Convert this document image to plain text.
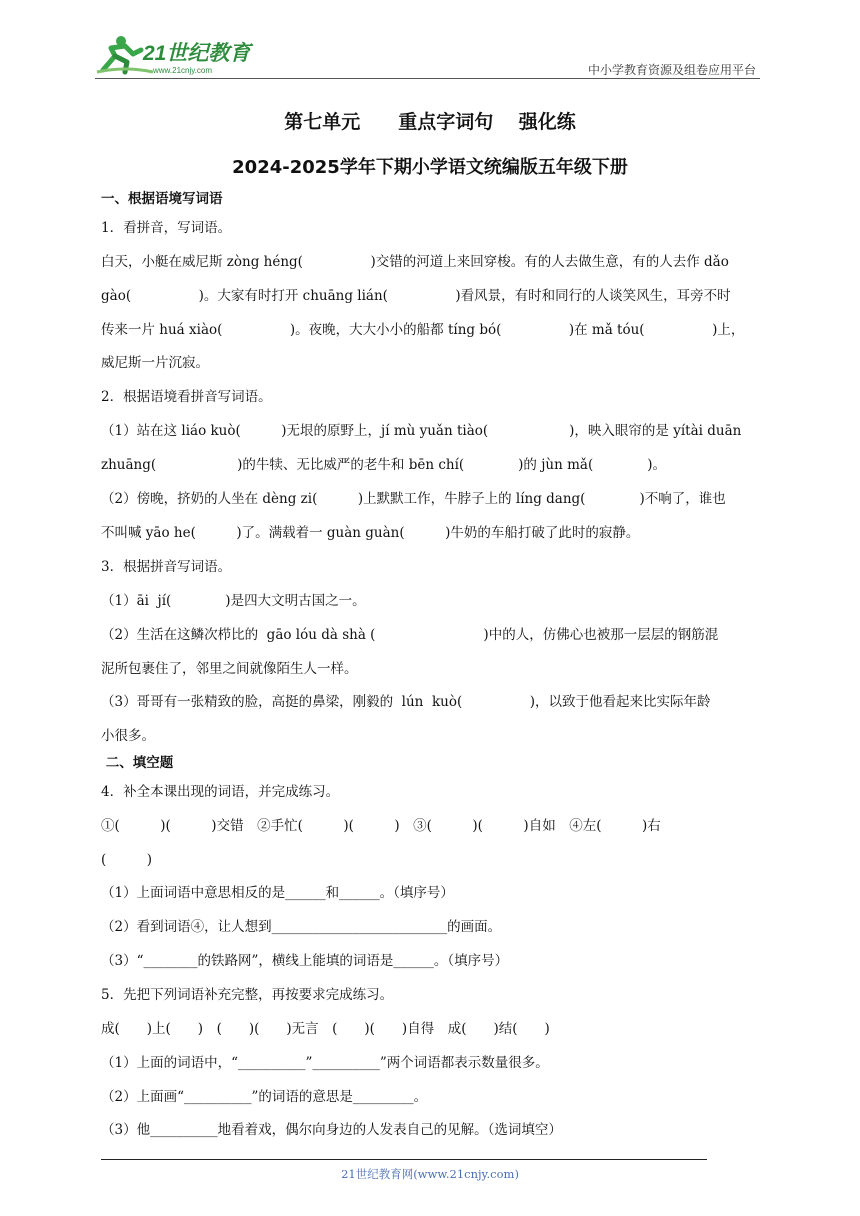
21世纪教育
www.21cnjy.com	中小学教育资源及组卷应用平台
第七单元　　重点字词句　 强化练
2024-2025学年下期小学语文统编版五年级下册
一、根据语境写词语
1．看拼音，写词语。
白天，小艇在威尼斯 zòng héng(　　　　　)交错的河道上来回穿梭。有的人去做生意，有的人去作 dǎo
gào(　　　　　)。大家有时打开 chuāng lián(　　　　　)看风景，有时和同行的人谈笑风生，耳旁不时
传来一片 huá xiào(　　　　　)。夜晚，大大小小的船都 tíng bó(　　　　　)在 mǎ tóu(　　　　　)上，
威尼斯一片沉寂。
2．根据语境看拼音写词语。
（1）站在这 liáo kuò(　　　)无垠的原野上，jí mù yuǎn tiào(　　　　　　)，映入眼帘的是 yítài duān
zhuāng(　　　　　　)的牛犊、无比威严的老牛和 bēn chí(　　　　)的 jùn mǎ(　　　　)。
（2）傍晚，挤奶的人坐在 dèng zi(　　　)上默默工作，牛脖子上的 líng dang(　　　　)不响了，谁也
不叫喊 yāo he(　　　)了。满载着一 guàn guàn(　　　)牛奶的车船打破了此时的寂静。
3．根据拼音写词语。
（1）āi  jí(　　　　)是四大文明古国之一。
（2）生活在这鳞次栉比的  gāo lóu dà shà (　　　　　　　　)中的人，仿佛心也被那一层层的钢筋混
泥所包裹住了，邻里之间就像陌生人一样。
（3）哥哥有一张精致的脸，高挺的鼻梁，刚毅的  lún  kuò(　　　　　)，以致于他看起来比实际年龄
小很多。
二、填空题
4．补全本课出现的词语，并完成练习。
①(　　　)(　　　)交错　②手忙(　　　)(　　　)　③(　　　)(　　　)自如　④左(　　　)右
(　　　)
（1）上面词语中意思相反的是______和______。（填序号）
（2）看到词语④，让人想到__________________________的画面。
（3）“________的铁路网”，横线上能填的词语是______。（填序号）
5．先把下列词语补充完整，再按要求完成练习。
成(　　)上(　　)　(　　)(　　)无言　(　　)(　　)自得　成(　　)结(　　)
（1）上面的词语中，“__________”__________”两个词语都表示数量很多。
（2）上面画“__________”的词语的意思是_________。
（3）他__________地看着戏，偶尔向身边的人发表自己的见解。（选词填空）
21世纪教育网(www.21cnjy.com)
